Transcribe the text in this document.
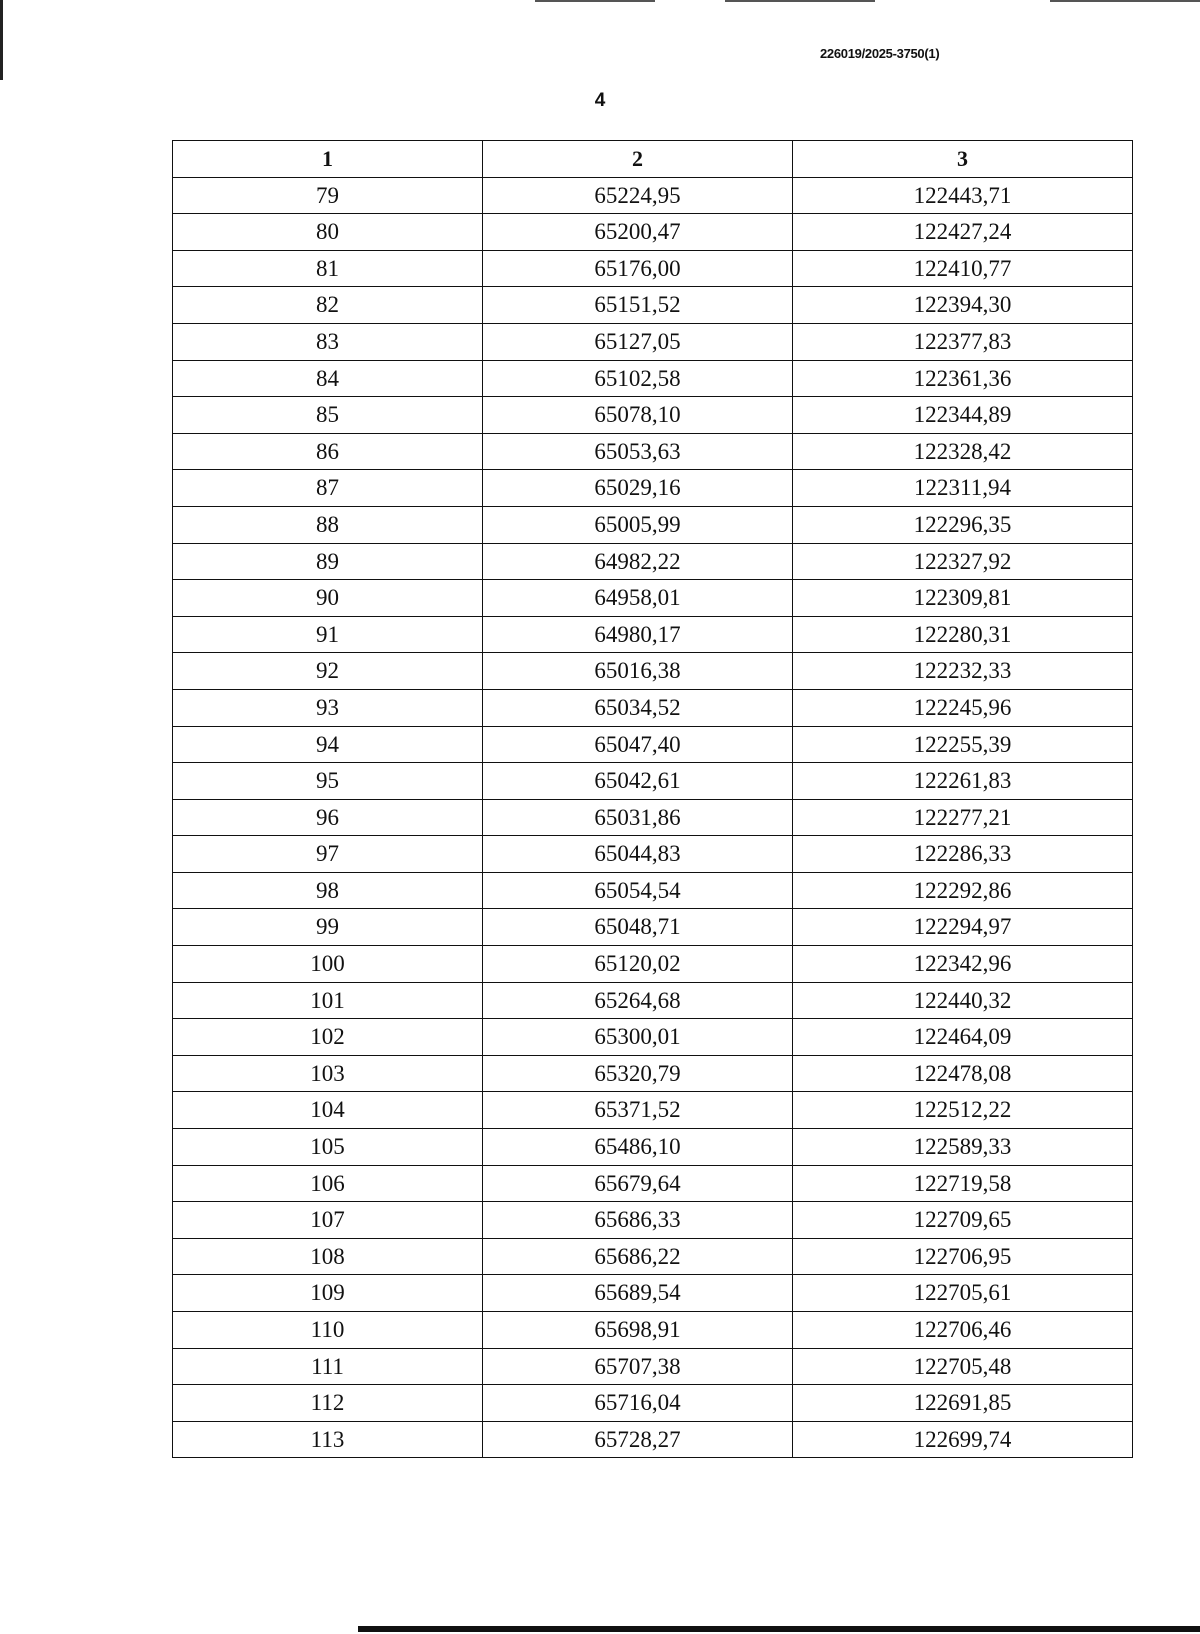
226019/2025-3750(1)
4
1	2	3
79	65224,95	122443,71
80	65200,47	122427,24
81	65176,00	122410,77
82	65151,52	122394,30
83	65127,05	122377,83
84	65102,58	122361,36
85	65078,10	122344,89
86	65053,63	122328,42
87	65029,16	122311,94
88	65005,99	122296,35
89	64982,22	122327,92
90	64958,01	122309,81
91	64980,17	122280,31
92	65016,38	122232,33
93	65034,52	122245,96
94	65047,40	122255,39
95	65042,61	122261,83
96	65031,86	122277,21
97	65044,83	122286,33
98	65054,54	122292,86
99	65048,71	122294,97
100	65120,02	122342,96
101	65264,68	122440,32
102	65300,01	122464,09
103	65320,79	122478,08
104	65371,52	122512,22
105	65486,10	122589,33
106	65679,64	122719,58
107	65686,33	122709,65
108	65686,22	122706,95
109	65689,54	122705,61
110	65698,91	122706,46
111	65707,38	122705,48
112	65716,04	122691,85
113	65728,27	122699,74
